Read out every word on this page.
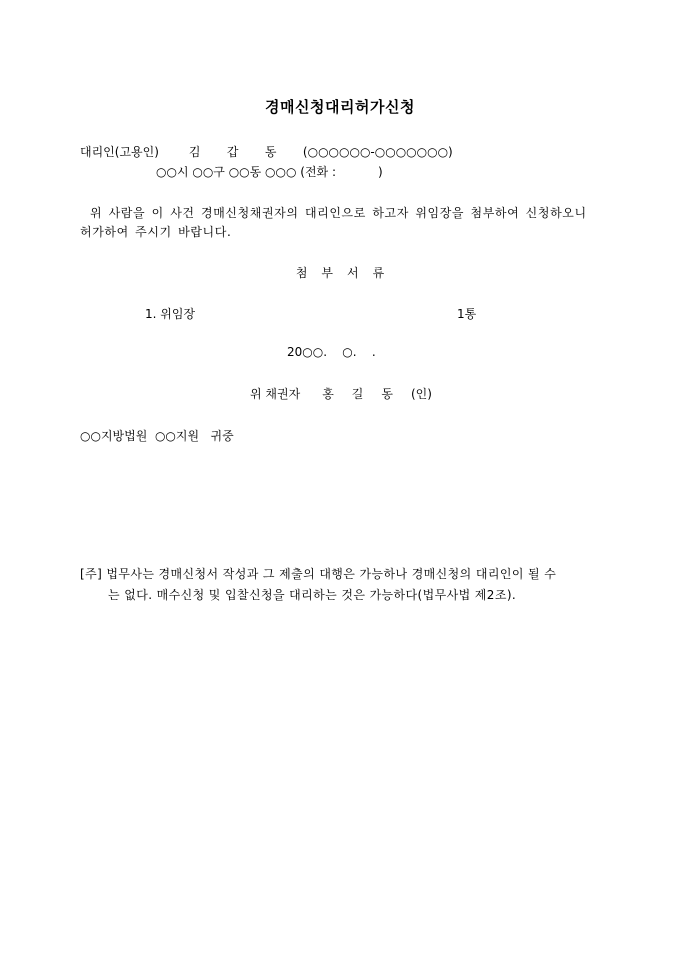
경매신청대리허가신청
대리인(고용인)	김 갑 동 (○○○○○○-○○○○○○○)
○○시 ○○구 ○○동 ○○○ (전화 :           )
위 사람을 이 사건 경매신청채권자의 대리인으로 하고자 위임장을 첨부하여 신청하오니 허가하여 주시기 바랍니다.
첨부서류
1. 위임장	1통
20○○.    ○.    .
위 채권자 홍 길 동 (인)
○○지방법원  ○○지원   귀중
[주] 법무사는 경매신청서 작성과 그 제출의 대행은 가능하나 경매신청의 대리인이 될 수
는 없다. 매수신청 및 입찰신청을 대리하는 것은 가능하다(법무사법 제2조).
